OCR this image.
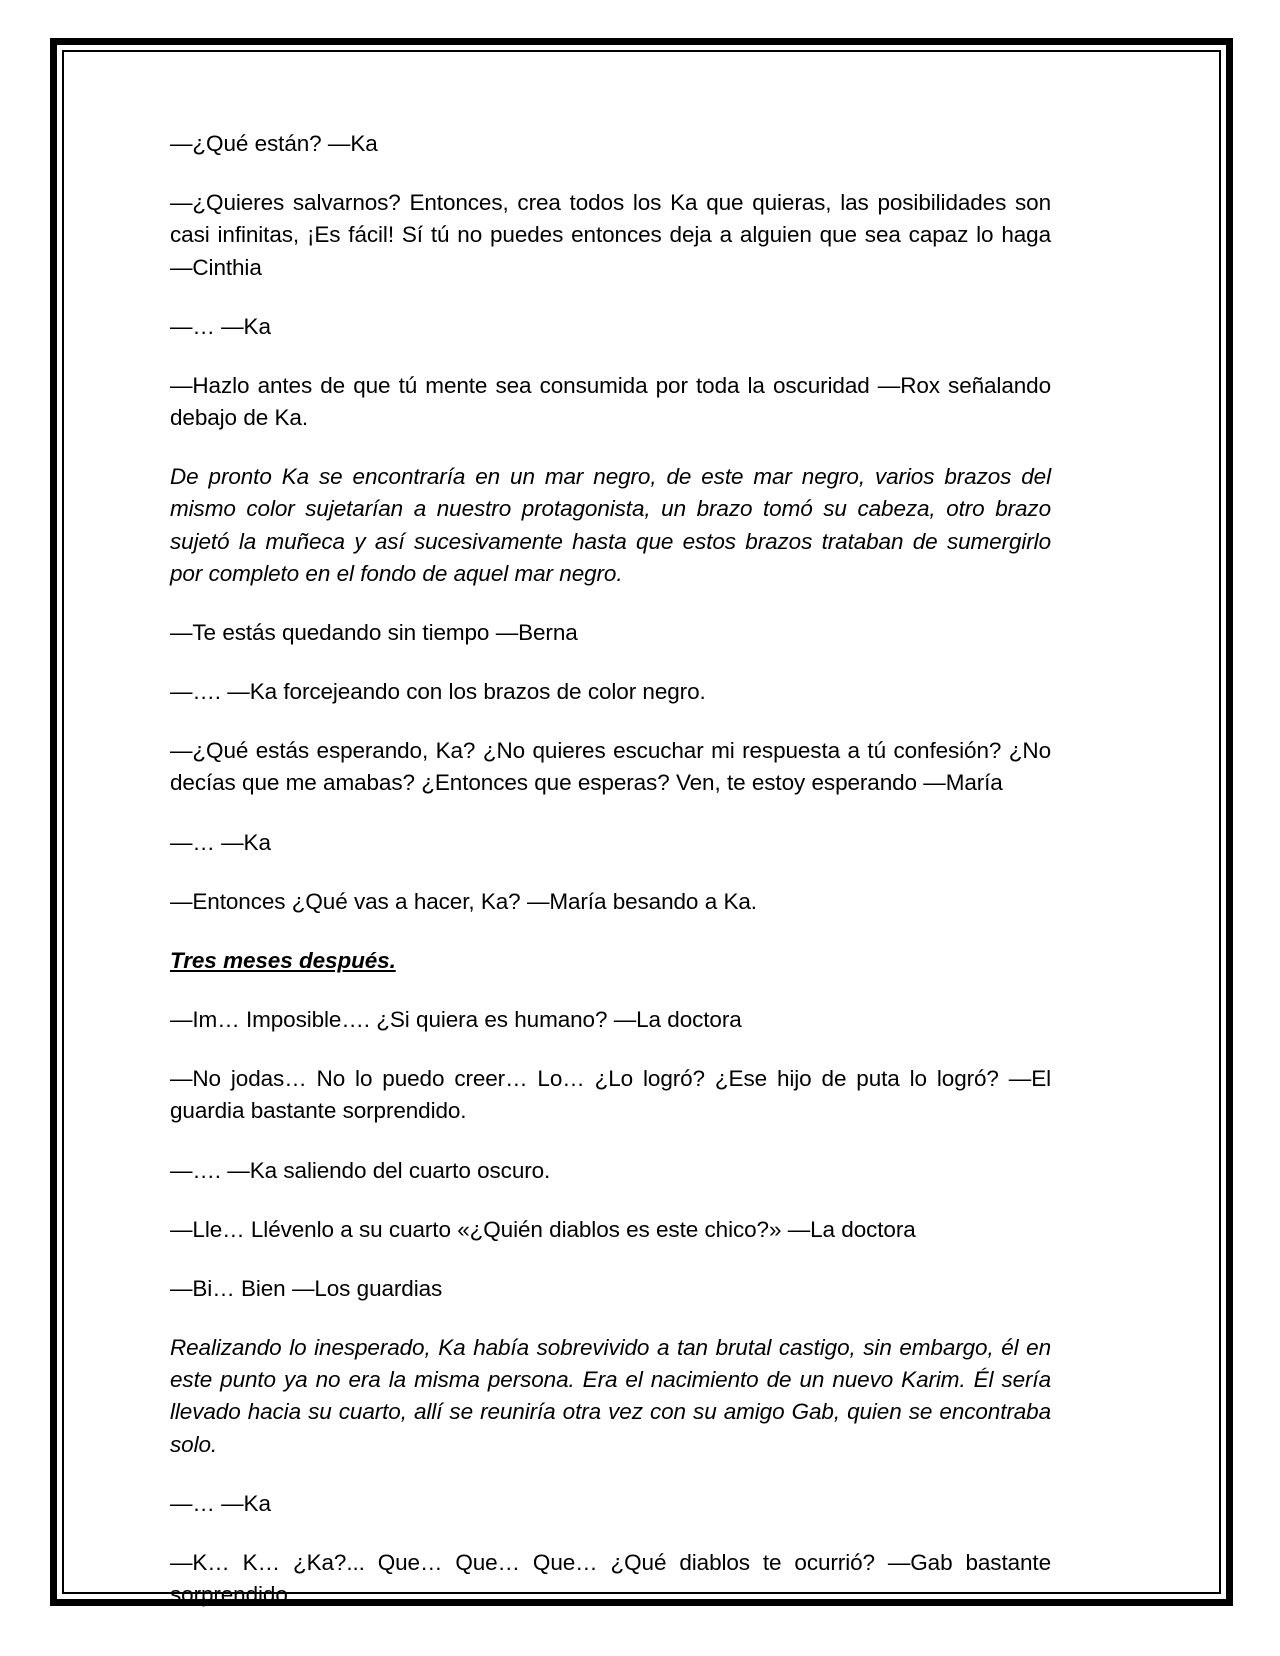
—¿Qué están? —Ka

—¿Quieres salvarnos? Entonces, crea todos los Ka que quieras, las posibilidades son casi infinitas, ¡Es fácil! Sí tú no puedes entonces deja a alguien que sea capaz lo haga —Cinthia

—… —Ka

—Hazlo antes de que tú mente sea consumida por toda la oscuridad —Rox señalando debajo de Ka.

De pronto Ka se encontraría en un mar negro, de este mar negro, varios brazos del mismo color sujetarían a nuestro protagonista, un brazo tomó su cabeza, otro brazo sujetó la muñeca y así sucesivamente hasta que estos brazos trataban de sumergirlo por completo en el fondo de aquel mar negro.

—Te estás quedando sin tiempo —Berna

—…. —Ka forcejeando con los brazos de color negro.

—¿Qué estás esperando, Ka? ¿No quieres escuchar mi respuesta a tú confesión? ¿No decías que me amabas? ¿Entonces que esperas? Ven, te estoy esperando —María

—… —Ka

—Entonces ¿Qué vas a hacer, Ka? —María besando a Ka.

Tres meses después.

—Im… Imposible…. ¿Si quiera es humano? —La doctora

—No jodas… No lo puedo creer… Lo… ¿Lo logró? ¿Ese hijo de puta lo logró? —El guardia bastante sorprendido.

—…. —Ka saliendo del cuarto oscuro.

—Lle… Llévenlo a su cuarto «¿Quién diablos es este chico?» —La doctora

—Bi… Bien —Los guardias

Realizando lo inesperado, Ka había sobrevivido a tan brutal castigo, sin embargo, él en este punto ya no era la misma persona. Era el nacimiento de un nuevo Karim. Él sería llevado hacia su cuarto, allí se reuniría otra vez con su amigo Gab, quien se encontraba solo.

—… —Ka

—K… K… ¿Ka?... Que… Que… Que… ¿Qué diablos te ocurrió? —Gab bastante sorprendido
